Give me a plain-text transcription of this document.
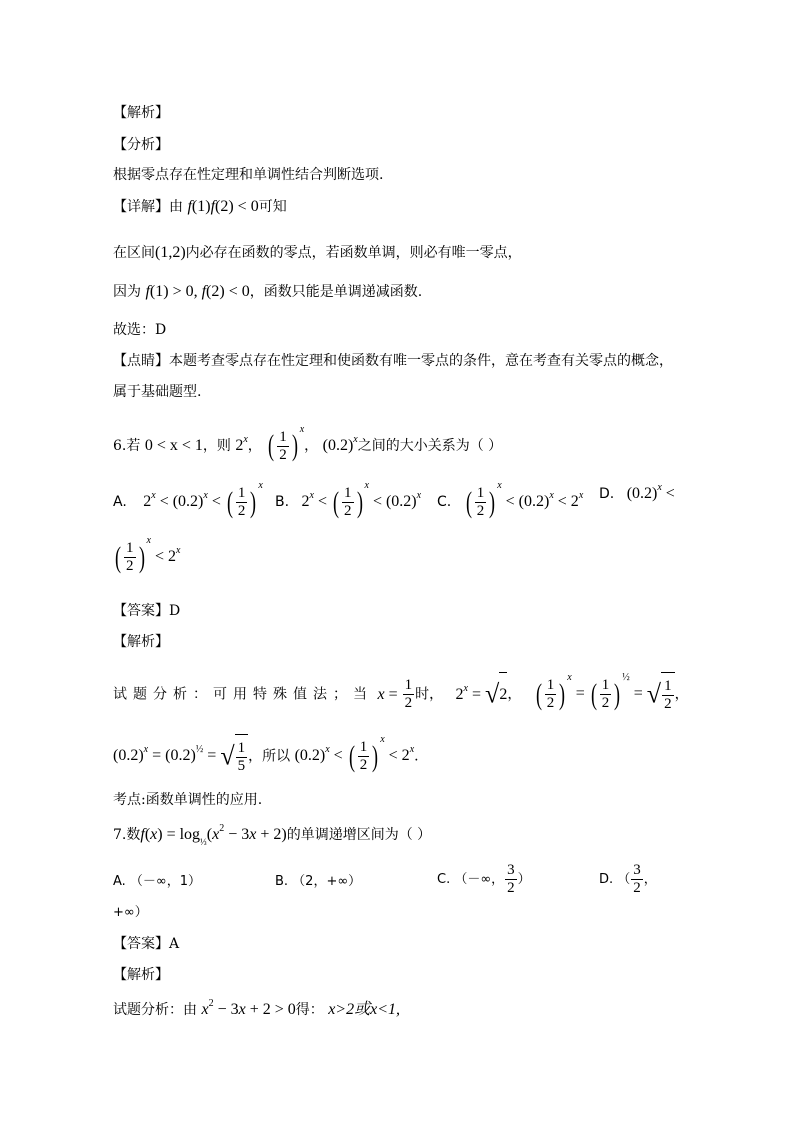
【解析】
【分析】
根据零点存在性定理和单调性结合判断选项.
【详解】由 f(1)f(2) < 0可知
在区间(1,2)内必存在函数的零点，若函数单调，则必有唯一零点，
因为 f(1) > 0, f(2) < 0，函数只能是单调递减函数.
故选：D
【点睛】本题考查零点存在性定理和使函数有唯一零点的条件，意在考查有关零点的概念，
属于基础题型.
6.若 0 < x < 1，则 2$^x$， ( $\frac{1}{2}$ ) $^x$， $(0.2)^x$之间的大小关系为（ ）
A. $2^x < (0.2)^x$ < ( $\frac{1}{2}$ ) $^x$
B. $2^x$ < ( $\frac{1}{2}$ ) $^x < (0.2)^x$ C. ( $\frac{1}{2}$ ) $^x < (0.2)^x < 2^x$ D. $(0.2)^x$ <
( $\frac{1}{2}$ ) $^x < 2^x$
【答案】D
【解析】
试题分析：可用特殊值法；当 $x = \frac{1}{2}$ 时， $2^x = √2$， ( $\frac{1}{2}$ ) $^x$ = ( $\frac{1}{2}$ ) $^{\frac{1}{2}}$ = √ $\frac{1}{2}$ ，
$(0.2)^x = (0.2)^{\frac{1}{2}}$ = √ $\frac{1}{5}$ ，所以 $(0.2)^x$ < ( $\frac{1}{2}$ ) $^x < 2^x$.
考点:函数单调性的应用.
7.数$f(x) = \log_{\frac{1}{3}}(x^2 - 3x + 2)$的单调递增区间为（ ）
A. （－∞，1）	B. （2，+∞）	C. （－∞， $\frac{3}{2}$ ）	D. （ $\frac{3}{2}$ ，
+∞）
【答案】A
【解析】
试题分析：由 $x^2 - 3x + 2 > 0$得： x>2或x<1,
